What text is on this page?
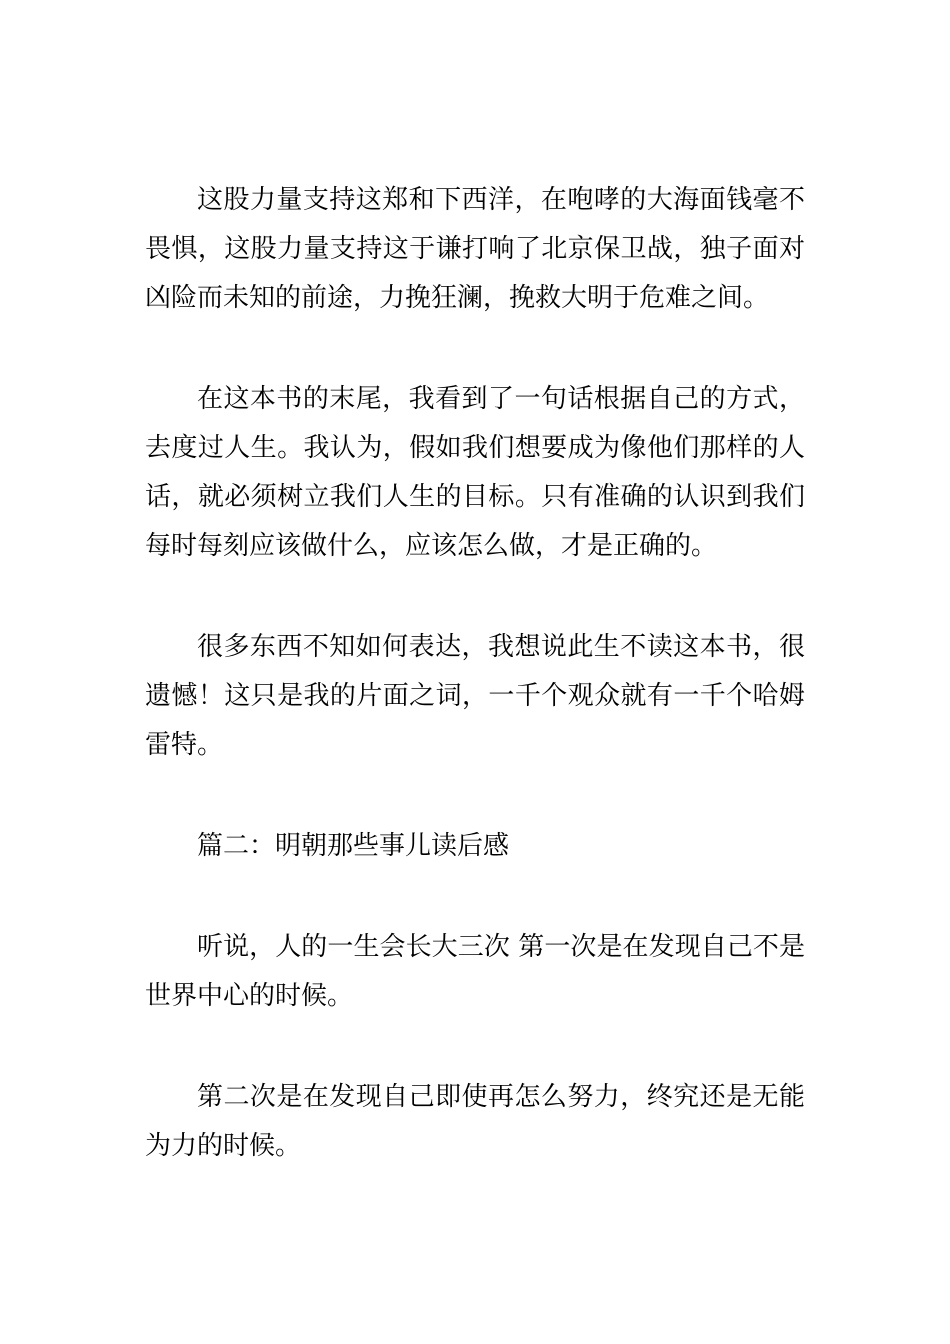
这股力量支持这郑和下西洋，在咆哮的大海面钱毫不畏惧，这股力量支持这于谦打响了北京保卫战，独子面对凶险而未知的前途，力挽狂澜，挽救大明于危难之间。

在这本书的末尾，我看到了一句话根据自己的方式，去度过人生。我认为，假如我们想要成为像他们那样的人话，就必须树立我们人生的目标。只有准确的认识到我们每时每刻应该做什么，应该怎么做，才是正确的。

很多东西不知如何表达，我想说此生不读这本书，很遗憾！这只是我的片面之词，一千个观众就有一千个哈姆雷特。

篇二：明朝那些事儿读后感

听说，人的一生会长大三次 第一次是在发现自己不是世界中心的时候。

第二次是在发现自己即使再怎么努力，终究还是无能为力的时候。
